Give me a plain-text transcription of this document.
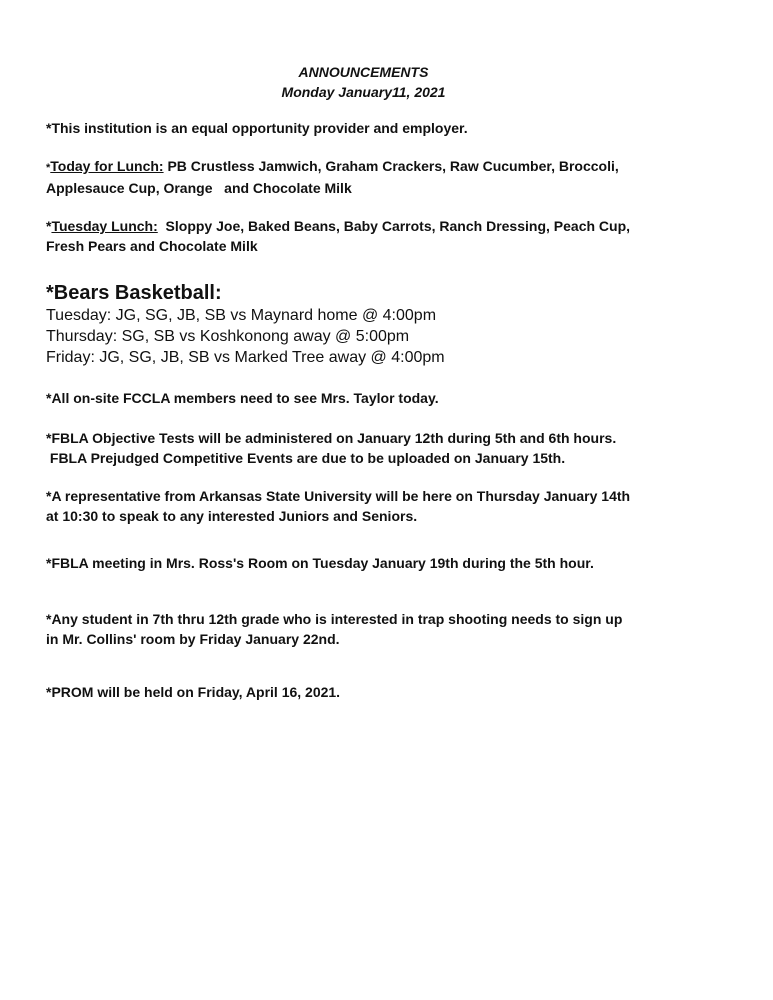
ANNOUNCEMENTS
Monday January11, 2021
*This institution is an equal opportunity provider and employer.
*Today for Lunch: PB Crustless Jamwich, Graham Crackers, Raw Cucumber, Broccoli,
Applesauce Cup, Orange   and Chocolate Milk
*Tuesday Lunch:  Sloppy Joe, Baked Beans, Baby Carrots, Ranch Dressing, Peach Cup,
Fresh Pears and Chocolate Milk
*Bears Basketball:
Tuesday: JG, SG, JB, SB vs Maynard home @ 4:00pm
Thursday: SG, SB vs Koshkonong away @ 5:00pm
Friday: JG, SG, JB, SB vs Marked Tree away @ 4:00pm
*All on-site FCCLA members need to see Mrs. Taylor today.
*FBLA Objective Tests will be administered on January 12th during 5th and 6th hours.
FBLA Prejudged Competitive Events are due to be uploaded on January 15th.
*A representative from Arkansas State University will be here on Thursday January 14th
at 10:30 to speak to any interested Juniors and Seniors.
*FBLA meeting in Mrs. Ross's Room on Tuesday January 19th during the 5th hour.
*Any student in 7th thru 12th grade who is interested in trap shooting needs to sign up
in Mr. Collins' room by Friday January 22nd.
*PROM will be held on Friday, April 16, 2021.
